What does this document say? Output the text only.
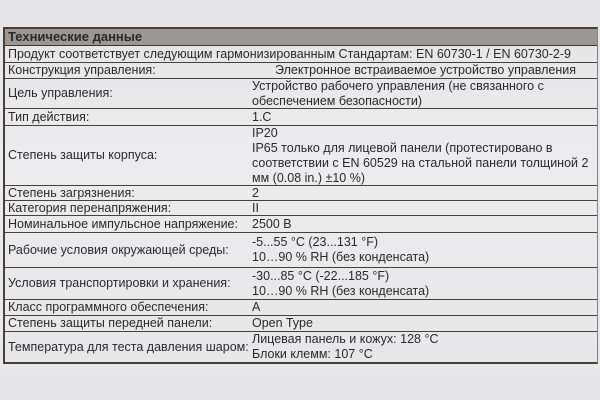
Технические данные
Продукт соответствует следующим гармонизированным Стандартам: EN 60730-1 / EN 60730-2-9
Конструкция управления:	Электронное встраиваемое устройство управления
Цель управления:
Устройство рабочего управления (не связанного с
обеспечением безопасности)
Тип действия:	1.C
Степень защиты корпуса:
IP20
IP65 только для лицевой панели (протестировано в
соответствии с EN 60529 на стальной панели толщиной 2
мм (0.08 in.) ±10 %)
Степень загрязнения:	2
Категория перенапряжения:	II
Номинальное импульсное напряжение: 2500 В
Рабочие условия окружающей среды:
-5...55 °C (23...131 °F)
10…90 % RH (без конденсата)
Условия транспортировки и хранения:
-30...85 °C (-22...185 °F)
10…90 % RH (без конденсата)
Класс программного обеспечения:	A
Степень защиты передней панели:	Open Type
Температура для теста давления шаром:
Лицевая панель и кожух: 128 °C
Блоки клемм: 107 °C
